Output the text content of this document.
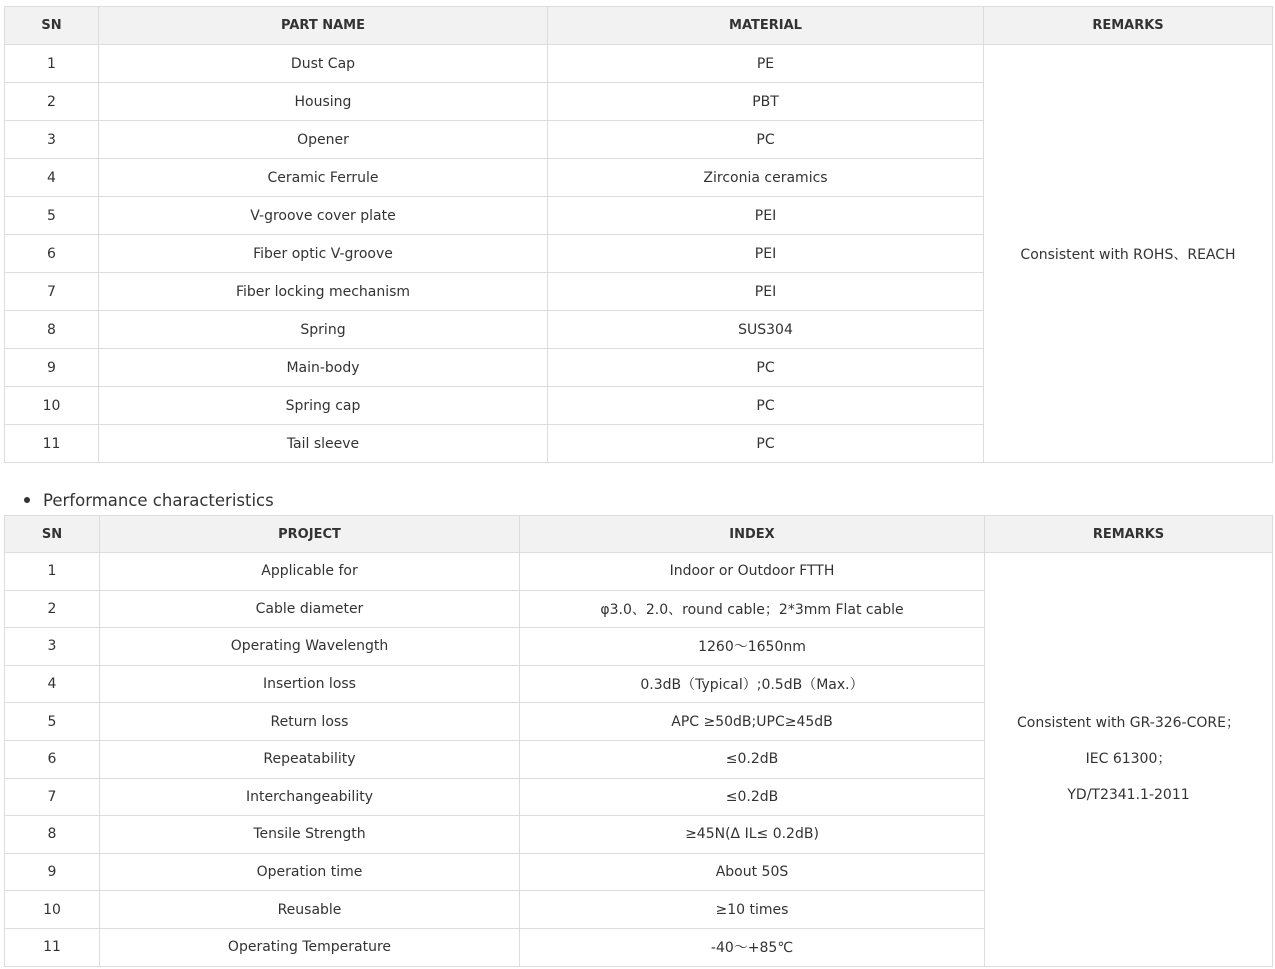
SN	PART NAME	MATERIAL	REMARKS
1	Dust Cap	PE	Consistent with ROHS、REACH
2	Housing	PBT	
3	Opener	PC	
4	Ceramic Ferrule	Zirconia ceramics	
5	V-groove cover plate	PEI	
6	Fiber optic V-groove	PEI	
7	Fiber locking mechanism	PEI	
8	Spring	SUS304	
9	Main-body	PC	
10	Spring cap	PC	
11	Tail sleeve	PC	
Performance characteristics
SN	PROJECT	INDEX	REMARKS
1	Applicable for	Indoor or Outdoor FTTH	Consistent with GR-326-CORE；
IEC 61300；
YD/T2341.1-2011

2	Cable diameter	φ3.0、2.0、round cable；2*3mm Flat cable	
3	Operating Wavelength	1260～1650nm	
4	Insertion loss	0.3dB（Typical）;0.5dB（Max.）	
5	Return loss	APC ≥50dB;UPC≥45dB	
6	Repeatability	≤0.2dB	
7	Interchangeability	≤0.2dB	
8	Tensile Strength	≥45N(Δ IL≤ 0.2dB)	
9	Operation time	About 50S	
10	Reusable	≥10 times	
11	Operating Temperature	-40～+85℃	
